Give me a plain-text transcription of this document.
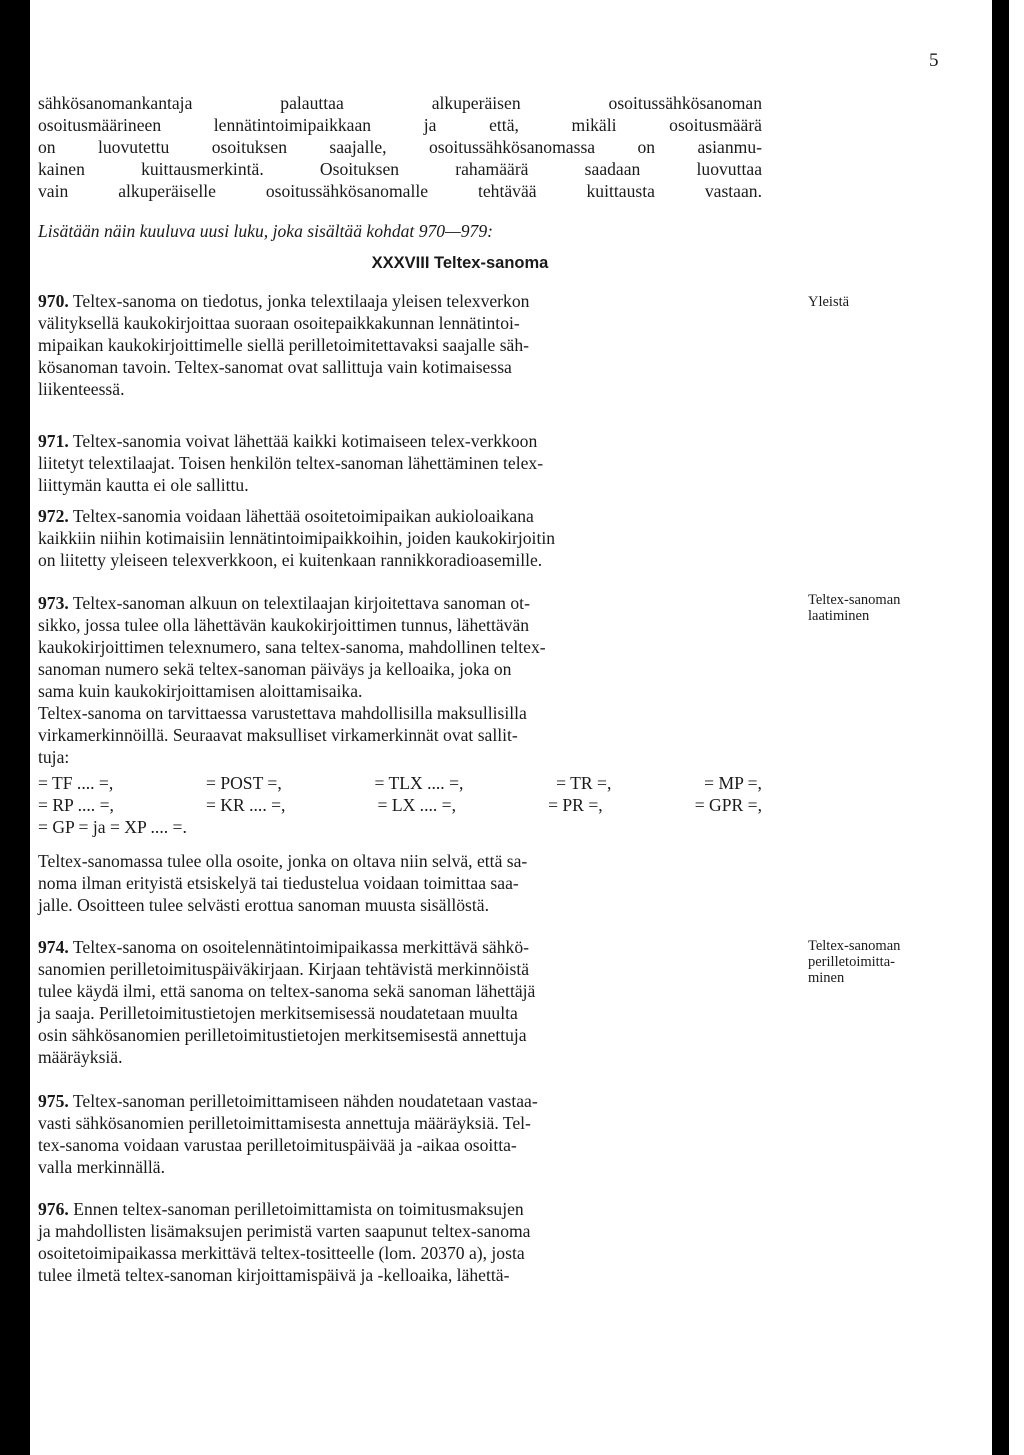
5

sähkösanomankantaja palauttaa alkuperäisen osoitussähkösanoman

osoitusmäärineen lennätintoimipaikkaan ja että, mikäli osoitusmäärä

on luovutettu osoituksen saajalle, osoitussähkösanomassa on asianmu-

kainen kuittausmerkintä. Osoituksen rahamäärä saadaan luovuttaa

vain alkuperäiselle osoitussähkösanomalle tehtävää kuittausta vastaan.

Lisätään näin kuuluva uusi luku, joka sisältää kohdat 970—979:

XXXVIII Teltex-sanoma

970. Teltex-sanoma on tiedotus, jonka telextilaaja yleisen telexverkon

välityksellä kaukokirjoittaa suoraan osoitepaikkakunnan lennätintoi-

mipaikan kaukokirjoittimelle siellä perilletoimitettavaksi saajalle säh-

kösanoman tavoin. Teltex-sanomat ovat sallittuja vain kotimaisessa

liikenteessä.

Yleistä

971. Teltex-sanomia voivat lähettää kaikki kotimaiseen telex-verkkoon

liitetyt telextilaajat. Toisen henkilön teltex-sanoman lähettäminen telex-

liittymän kautta ei ole sallittu.

972. Teltex-sanomia voidaan lähettää osoitetoimipaikan aukioloaikana

kaikkiin niihin kotimaisiin lennätintoimipaikkoihin, joiden kaukokirjoitin

on liitetty yleiseen telexverkkoon, ei kuitenkaan rannikkoradioasemille.

973. Teltex-sanoman alkuun on telextilaajan kirjoitettava sanoman ot-

sikko, jossa tulee olla lähettävän kaukokirjoittimen tunnus, lähettävän

kaukokirjoittimen telexnumero, sana teltex-sanoma, mahdollinen teltex-

sanoman numero sekä teltex-sanoman päiväys ja kelloaika, joka on

sama kuin kaukokirjoittamisen aloittamisaika.

Teltex-sanoma on tarvittaessa varustettava mahdollisilla maksullisilla

virkamerkinnöillä. Seuraavat maksulliset virkamerkinnät ovat sallit-

tuja:

= TF .... =,	= POST =,	= TLX .... =,	= TR =,	= MP =,
= RP .... =,	= KR .... =,	= LX .... =,	= PR =,	= GPR =,
= GP = ja = XP .... =.

Teltex-sanomassa tulee olla osoite, jonka on oltava niin selvä, että sa-

noma ilman erityistä etsiskelyä tai tiedustelua voidaan toimittaa saa-

jalle. Osoitteen tulee selvästi erottua sanoman muusta sisällöstä.

Teltex-sanoman
laatiminen

974. Teltex-sanoma on osoitelennätintoimipaikassa merkittävä sähkö-

sanomien perilletoimituspäiväkirjaan. Kirjaan tehtävistä merkinnöistä

tulee käydä ilmi, että sanoma on teltex-sanoma sekä sanoman lähettäjä

ja saaja. Perilletoimitustietojen merkitsemisessä noudatetaan muulta

osin sähkösanomien perilletoimitustietojen merkitsemisestä annettuja

määräyksiä.

Teltex-sanoman
perilletoimitta-
minen

975. Teltex-sanoman perilletoimittamiseen nähden noudatetaan vastaa-

vasti sähkösanomien perilletoimittamisesta annettuja määräyksiä. Tel-

tex-sanoma voidaan varustaa perilletoimituspäivää ja -aikaa osoitta-

valla merkinnällä.

976. Ennen teltex-sanoman perilletoimittamista on toimitusmaksujen

ja mahdollisten lisämaksujen perimistä varten saapunut teltex-sanoma

osoitetoimipaikassa merkittävä teltex-tositteelle (lom. 20370 a), josta

tulee ilmetä teltex-sanoman kirjoittamispäivä ja -kelloaika, lähettä-
